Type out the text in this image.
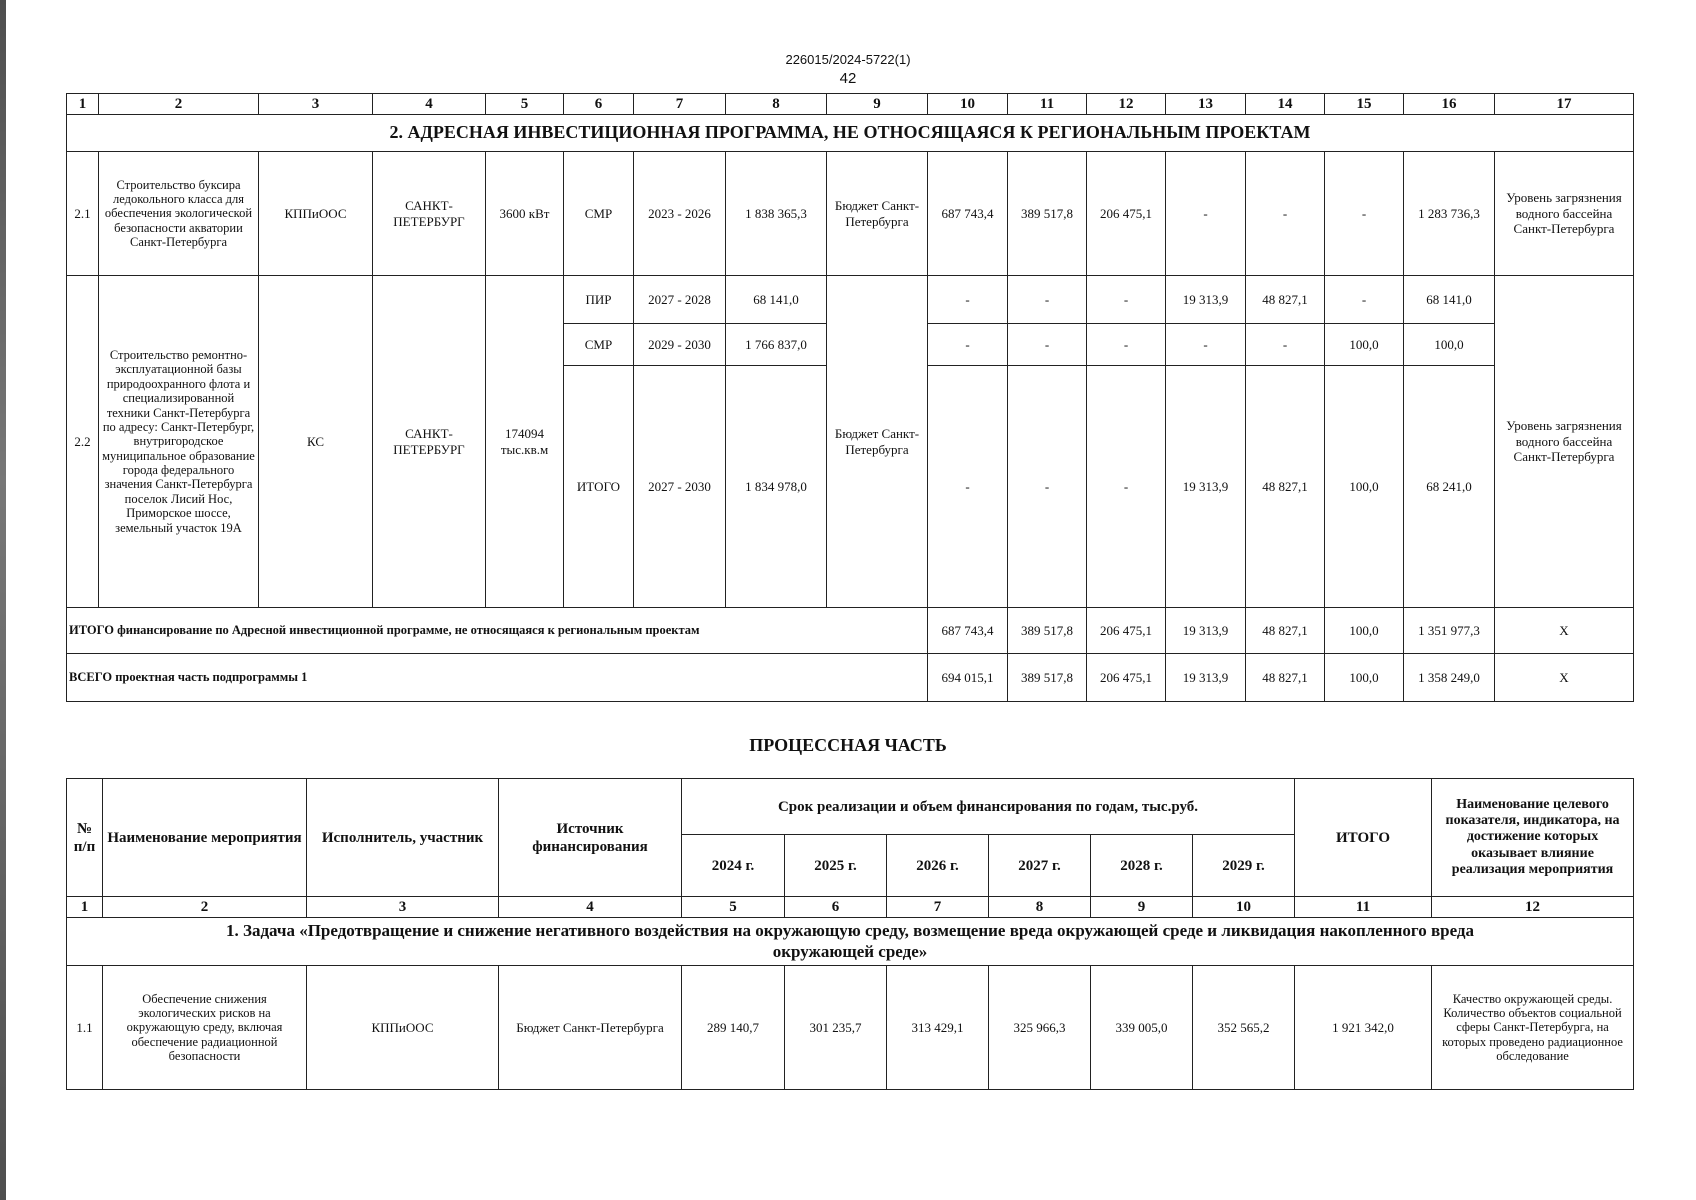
226015/2024-5722(1)
42
1	2	3	4	5	6	7	8	9	10	11	12	13	14	15	16	17
2. АДРЕСНАЯ ИНВЕСТИЦИОННАЯ ПРОГРАММА, НЕ ОТНОСЯЩАЯСЯ К РЕГИОНАЛЬНЫМ ПРОЕКТАМ																
2.1	Строительство буксира ледокольного класса для обеспечения экологической безопасности акватории Санкт-Петербурга	КППиООС	САНКТ-ПЕТЕРБУРГ	3600 кВт	СМР	2023 - 2026	1 838 365,3	Бюджет Санкт-Петербурга	687 743,4	389 517,8	206 475,1	-	-	-	1 283 736,3	Уровень загрязнения водного бассейна Санкт-Петербурга
2.2	Строительство ремонтно-эксплуатационной базы природоохранного флота и специализированной техники Санкт-Петербурга по адресу: Санкт-Петербург, внутригородское муниципальное образование города федерального значения Санкт-Петербурга поселок Лисий Нос, Приморское шоссе, земельный участок 19А	КС	САНКТ-ПЕТЕРБУРГ	174094 тыс.кв.м	ПИР	2027 - 2028	68 141,0	Бюджет Санкт-Петербурга	-	-	-	19 313,9	48 827,1	-	68 141,0	Уровень загрязнения водного бассейна Санкт-Петербурга
					СМР	2029 - 2030	1 766 837,0		-	-	-	-	-	100,0	100,0	
					ИТОГО	2027 - 2030	1 834 978,0		-	-	-	19 313,9	48 827,1	100,0	68 241,0	
ИТОГО финансирование по Адресной инвестиционной программе, не относящаяся к региональным проектам									687 743,4	389 517,8	206 475,1	19 313,9	48 827,1	100,0	1 351 977,3	Х
ВСЕГО проектная часть подпрограммы 1									694 015,1	389 517,8	206 475,1	19 313,9	48 827,1	100,0	1 358 249,0	Х
ПРОЦЕССНАЯ ЧАСТЬ
№ п/п	Наименование мероприятия	Исполнитель, участник	Источник финансирования	Срок реализации и объем финансирования по годам, тыс.руб.						ИТОГО	Наименование целевого показателя, индикатора, на достижение которых оказывает влияние реализация мероприятия
				2024 г.	2025 г.	2026 г.	2027 г.	2028 г.	2029 г.		
1	2	3	4	5	6	7	8	9	10	11	12
1. Задача «Предотвращение и снижение негативного воздействия на окружающую среду, возмещение вреда окружающей среде и ликвидация накопленного вреда окружающей среде»											
1.1	Обеспечение снижения экологических рисков на окружающую среду, включая обеспечение радиационной безопасности	КППиООС	Бюджет Санкт-Петербурга	289 140,7	301 235,7	313 429,1	325 966,3	339 005,0	352 565,2	1 921 342,0	Качество окружающей среды. Количество объектов социальной сферы Санкт-Петербурга, на которых проведено радиационное обследование
